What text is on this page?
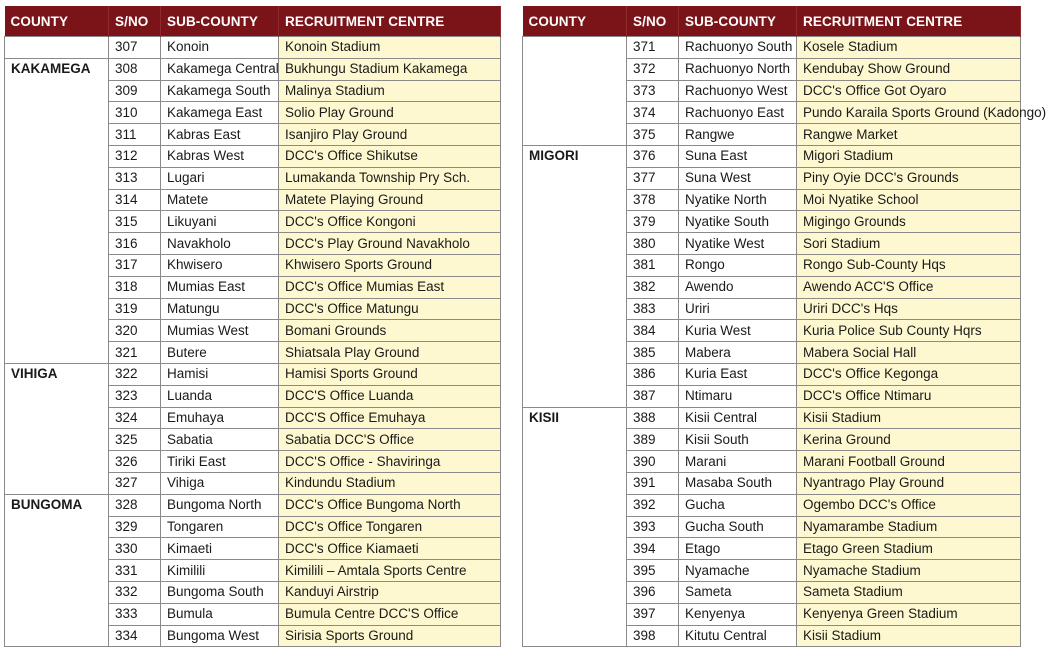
COUNTY	S/NO	SUB-COUNTY	RECRUITMENT CENTRE
	307	Konoin	Konoin Stadium
KAKAMEGA	308	Kakamega Central	Bukhungu Stadium Kakamega
	309	Kakamega South	Malinya Stadium
	310	Kakamega East	Solio Play Ground
	311	Kabras East	Isanjiro Play Ground
	312	Kabras West	DCC's Office Shikutse
	313	Lugari	Lumakanda Township Pry Sch.
	314	Matete	Matete Playing Ground
	315	Likuyani	DCC's Office Kongoni
	316	Navakholo	DCC's Play Ground Navakholo
	317	Khwisero	Khwisero Sports Ground
	318	Mumias East	DCC's Office Mumias East
	319	Matungu	DCC's Office Matungu
	320	Mumias West	Bomani Grounds
	321	Butere	Shiatsala Play Ground
VIHIGA	322	Hamisi	Hamisi Sports Ground
	323	Luanda	DCC'S Office Luanda
	324	Emuhaya	DCC'S Office Emuhaya
	325	Sabatia	Sabatia DCC'S Office
	326	Tiriki East	DCC'S Office - Shaviringa
	327	Vihiga	Kindundu Stadium
BUNGOMA	328	Bungoma North	DCC's Office Bungoma North
	329	Tongaren	DCC's Office Tongaren
	330	Kimaeti	DCC's Office Kiamaeti
	331	Kimilili	Kimilili – Amtala Sports Centre
	332	Bungoma South	Kanduyi Airstrip
	333	Bumula	Bumula Centre DCC'S Office
	334	Bungoma West	Sirisia Sports Ground
COUNTY	S/NO	SUB-COUNTY	RECRUITMENT CENTRE
	371	Rachuonyo South	Kosele Stadium
	372	Rachuonyo North	Kendubay Show Ground
	373	Rachuonyo West	DCC's Office Got Oyaro
	374	Rachuonyo East	Pundo Karaila Sports Ground (Kadongo)
	375	Rangwe	Rangwe Market
MIGORI	376	Suna East	Migori Stadium
	377	Suna West	Piny Oyie DCC's Grounds
	378	Nyatike North	Moi Nyatike School
	379	Nyatike South	Migingo Grounds
	380	Nyatike West	Sori Stadium
	381	Rongo	Rongo Sub-County Hqs
	382	Awendo	Awendo ACC'S Office
	383	Uriri	Uriri DCC's Hqs
	384	Kuria West	Kuria Police Sub County Hqrs
	385	Mabera	Mabera Social Hall
	386	Kuria East	DCC's Office Kegonga
	387	Ntimaru	DCC's Office Ntimaru
KISII	388	Kisii Central	Kisii Stadium
	389	Kisii South	Kerina Ground
	390	Marani	Marani Football Ground
	391	Masaba South	Nyantrago Play Ground
	392	Gucha	Ogembo DCC's Office
	393	Gucha South	Nyamarambe Stadium
	394	Etago	Etago Green Stadium
	395	Nyamache	Nyamache Stadium
	396	Sameta	Sameta Stadium
	397	Kenyenya	Kenyenya Green Stadium
	398	Kitutu Central	Kisii Stadium
